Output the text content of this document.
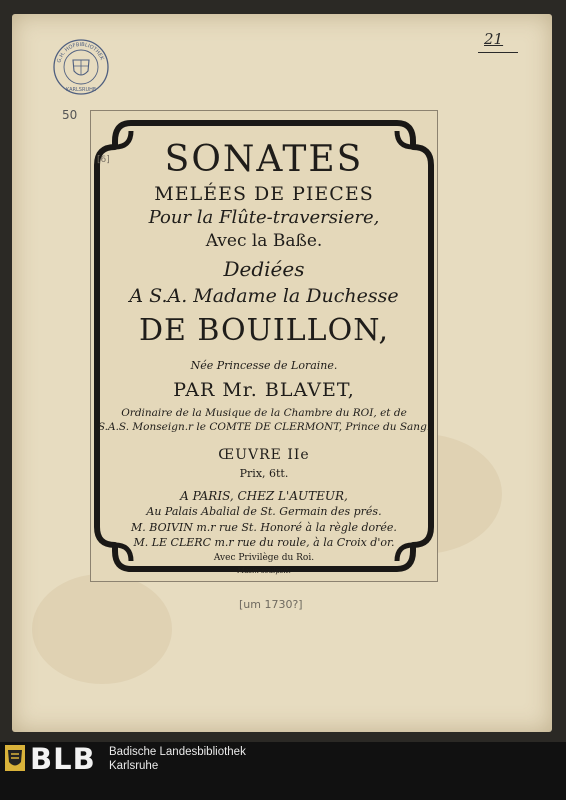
G.H. HOFBIBLIOTHEK
KARLSRUHE
50
21
[6]	SONATES
MELÉES DE PIECES
Pour la Flûte-traversiere,
Avec la Baße.
Dediées
A S.A. Madame la Duchesse
DE BOUILLON,
Née Princesse de Loraine.
PAR Mr. BLAVET,
Ordinaire de la Musique de la Chambre du ROI, et de
S.A.S. Monseign.r le COMTE DE CLERMONT, Prince du Sang.
ŒUVRE IIe
Prix, 6tt.
A PARIS, CHEZ L'AUTEUR,
Au Palais Abalial de St. Germain des prés.
M. BOIVIN m.r rue St. Honoré à la règle dorée.
M. LE CLERC m.r rue du roule, à la Croix d'or.
Avec Privilège du Roi.
Mazin sculpsit.
[um 1730?]
BLB Badische Landesbibliothek
Karlsruhe
